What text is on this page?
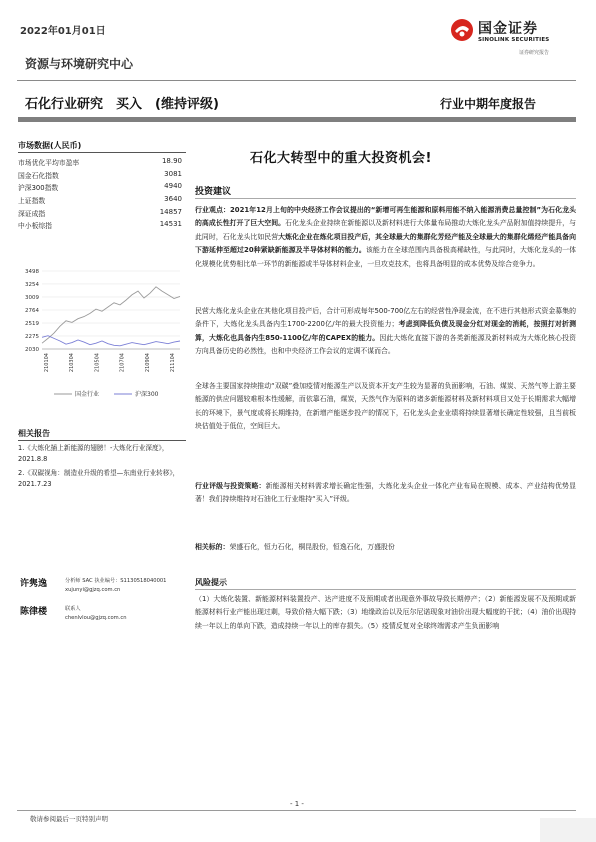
2022年01月01日	国金证券
SINOLINK SECURITIES
证券研究报告
资源与环境研究中心
石化行业研究　买入　(维持评级)	行业中期年度报告
市场数据(人民币)
市场优化平均市盈率	18.90
国金石化指数	3081
沪深300指数	4940
上证指数	3640
深证成指	14857
中小板综指	14531
3498
3254
3009
2764
2519
2275
2030
210104	210304	210504	210704	210904	211104
国金行业	沪深300
相关报告
1.《大炼化插上新能源的翅膀！-大炼化行业深度》，2021.8.8
2.《双碳视角：制造业升级的希望—东南业行业转移》，2021.7.23
许隽逸	分析师 SAC 执业编号：S1130518040001
xujunyi@gjzq.com.cn
陈律楼	联系人
chenlvlou@gjzq.com.cn
石化大转型中的重大投资机会!
投资建议
行业观点：2021年12月上旬的中央经济工作会议提出的“新增可再生能源和原料用能不纳入能源消费总量控制”为石化龙头的高成长性打开了巨大空间。石化龙头企业持续在新能源以及新材料进行大体量布局推动大炼化龙头产品附加值持续提升，与此同时，石化龙头比如民营大炼化企业在炼化项目投产后，其全球最大的集群化芳烃产能及全球最大的集群化烯烃产能具备向下游延伸至超过20种紧缺新能源及半导体材料的能力。该能力在全球范围内具备极高稀缺性，与此同时，大炼化龙头的一体化规模化优势相比单一环节的新能源或半导体材料企业，一旦攻克技术，也将具备明显的成本优势及综合竞争力。
民营大炼化龙头企业在其他化项目投产后，合计可形成每年500-700亿左右的经营性净现金流，在不进行其他形式资金募集的条件下，大炼化龙头具备内生1700-2200亿/年的最大投资能力；考虑到降低负债及现金分红对现金的消耗，按照打对折测算，大炼化也具备内生850-1100亿/年的CAPEX的能力。因此大炼化直接下游的各类新能源及新材料成为大炼化核心投资方向具备历史的必然性，也和中央经济工作会议的定调不谋而合。
全球各主要国家持续推动“双碳”叠加疫情对能源生产以及资本开支产生较为显著的负面影响，石油、煤炭、天然气等上游主要能源的供应问题较难根本性缓解，而依靠石油，煤炭，天然气作为原料的诸多新能源材料及新材料项目又处于长期需求大幅增长的环境下，景气度或将长期维持，在新增产能逐步投产的情况下，石化龙头企业业绩将持续显著增长确定性较强，且当前板块估值处于低位，空间巨大。
行业评级与投资策略：新能源相关材料需求增长确定性强，大炼化龙头企业一体化产业布局在规模、成本、产业结构优势显著！我们持续维持对石油化工行业维持“买入”评级。
相关标的：荣盛石化，恒力石化，桐昆股份，恒逸石化，万盛股份
风险提示
（1）大炼化装置、新能源材料装置投产、达产进度不及预期或者出现意外事故导致长期停产；（2）新能源发展不及预期或新能源材料行业产能出现过剩，导致价格大幅下跌；（3）地缘政治以及厄尔尼诺现象对油价出现大幅度的干扰；（4）油价出现持续一年以上的单向下跌，造成持续一年以上的库存损失。（5）疫情反复对全球终端需求产生负面影响
- 1 -
敬请参阅最后一页特别声明
